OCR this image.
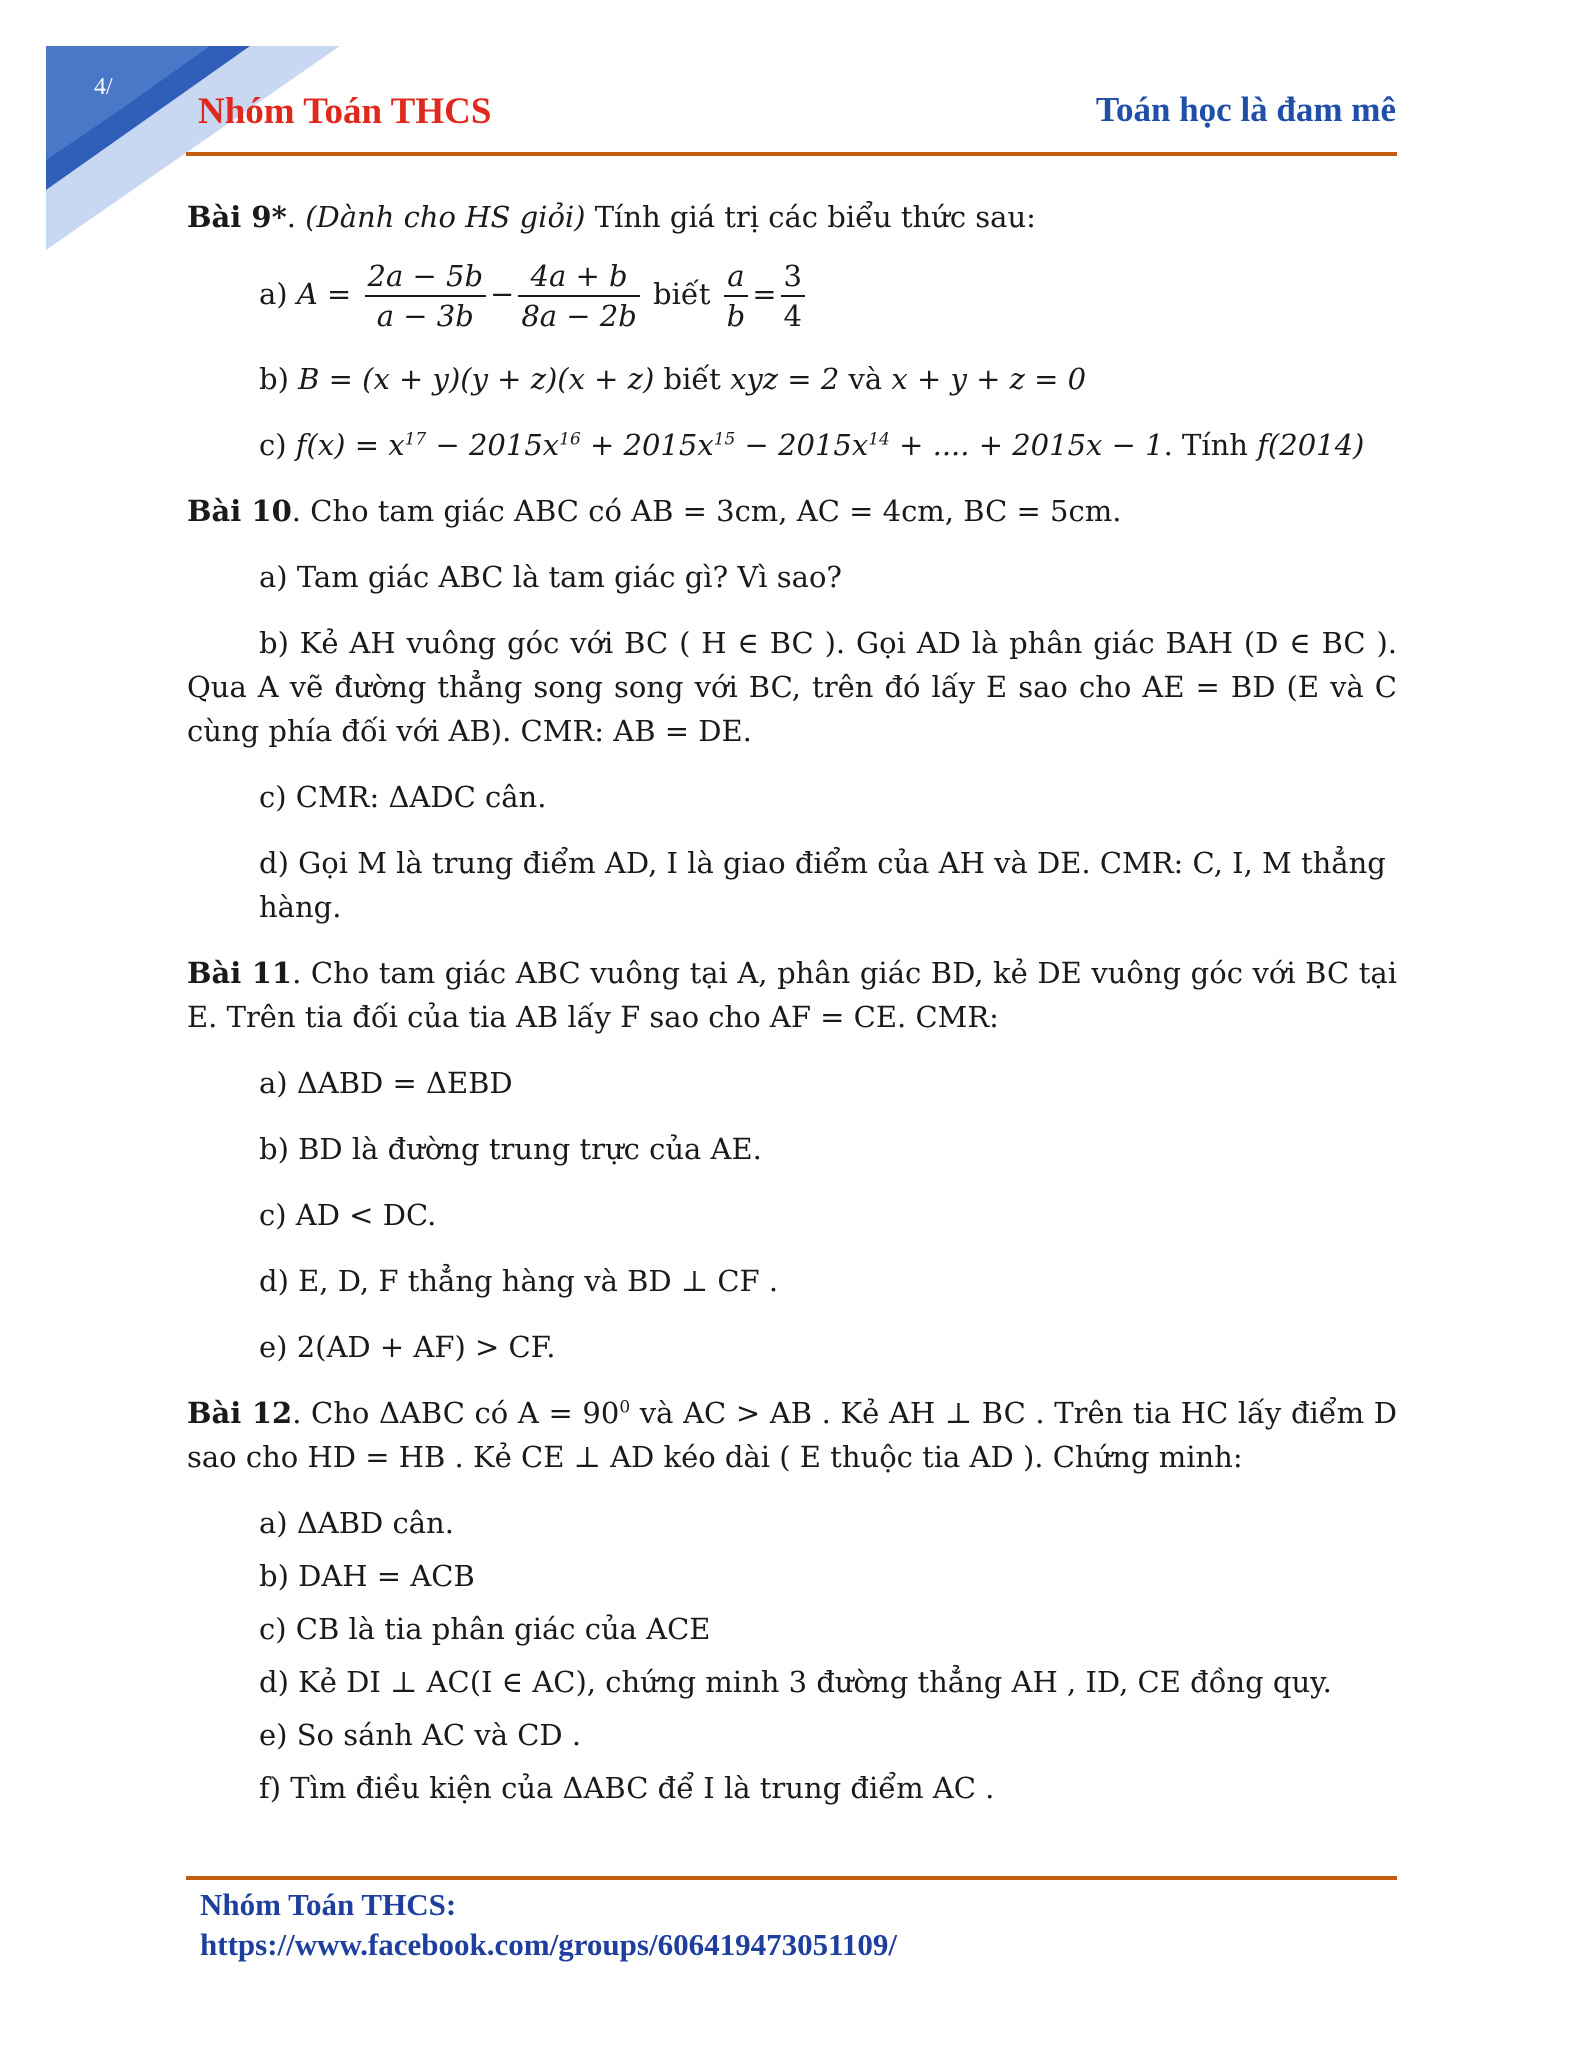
4/
Nhóm Toán THCS	Toán học là đam mê
Bài 9*. (Dành cho HS giỏi) Tính giá trị các biểu thức sau:
a) $A = \frac{2a - 5b}{a - 3b} - \frac{4a + b}{8a - 2b}$ biết $\frac{a}{b} = \frac{3}{4}$
b) B = (x + y)(y + z)(x + z) biết xyz = 2 và x + y + z = 0
c) $f(x) = x^{17} - 2015x^{16} + 2015x^{15} - 2015x^{14}$ + .... + 2015x − 1. Tính f(2014)
Bài 10. Cho tam giác ABC có AB = 3cm, AC = 4cm, BC = 5cm.
a) Tam giác ABC là tam giác gì? Vì sao?
b) Kẻ AH vuông góc với BC ( H ∈ BC ). Gọi AD là phân giác BAH (D ∈ BC ). Qua A vẽ đường thẳng song song với BC, trên đó lấy E sao cho AE = BD (E và C cùng phía đối với AB). CMR: AB = DE.
c) CMR: ΔADC cân.
d) Gọi M là trung điểm AD, I là giao điểm của AH và DE. CMR: C, I, M thẳng hàng.
Bài 11. Cho tam giác ABC vuông tại A, phân giác BD, kẻ DE vuông góc với BC tại E. Trên tia đối của tia AB lấy F sao cho AF = CE. CMR:
a) ΔABD = ΔEBD
b) BD là đường trung trực của AE.
c) AD < DC.
d) E, D, F thẳng hàng và BD ⊥ CF .
e) 2(AD + AF) > CF.
Bài 12. Cho ΔABC có $A = 90^0$ và AC > AB . Kẻ AH ⊥ BC . Trên tia HC lấy điểm D sao cho HD = HB . Kẻ CE ⊥ AD kéo dài ( E thuộc tia AD ). Chứng minh:
a) ΔABD cân.
b) DAH = ACB
c) CB là tia phân giác của ACE
d) Kẻ DI ⊥ AC(I ∈ AC), chứng minh 3 đường thẳng AH , ID, CE đồng quy.
e) So sánh AC và CD .
f) Tìm điều kiện của ΔABC để I là trung điểm AC .
Nhóm Toán THCS:
https://www.facebook.com/groups/606419473051109/
